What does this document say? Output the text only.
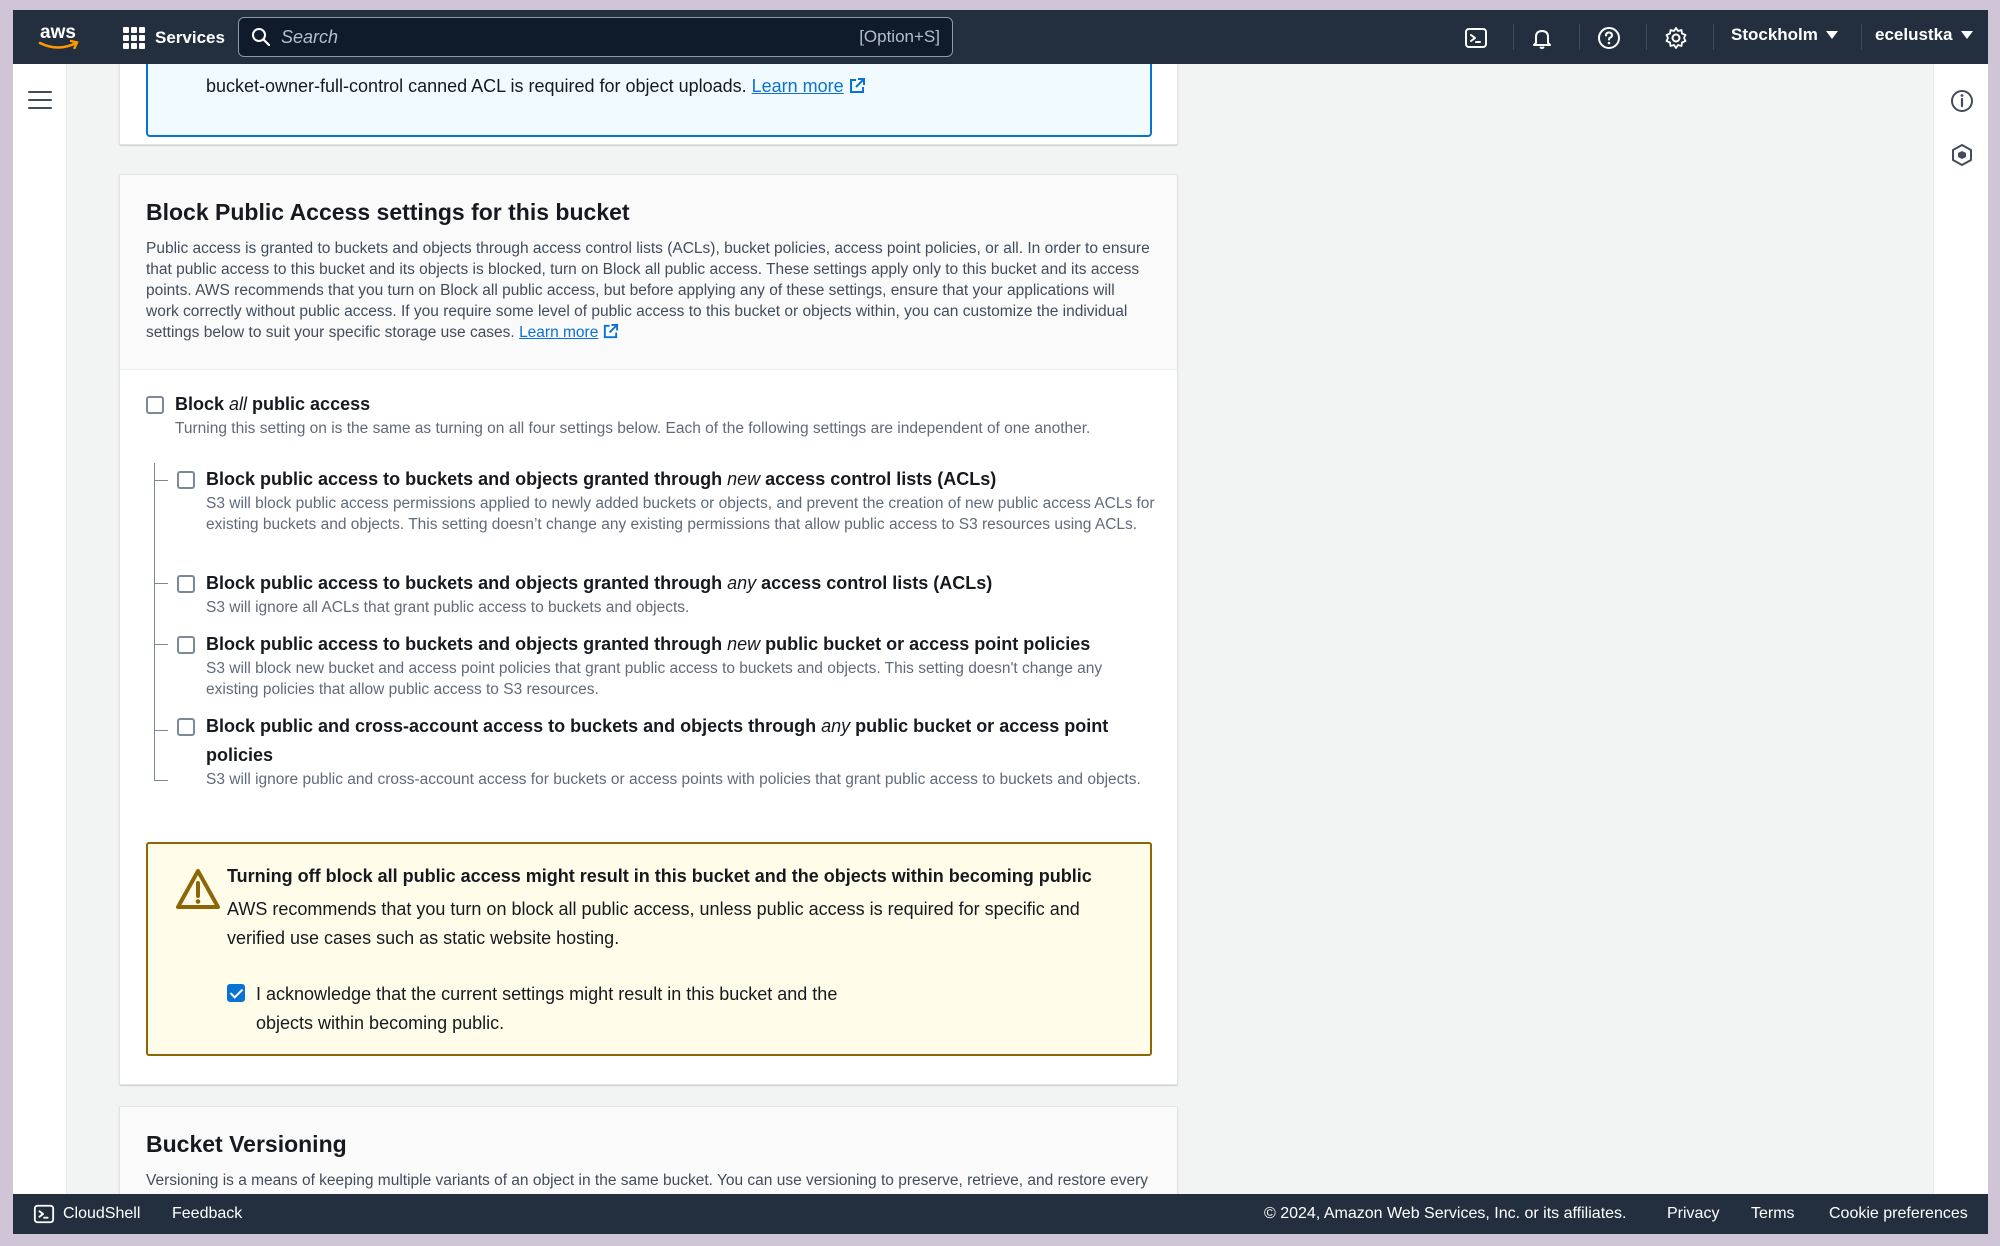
aws	Services
Search	[Option+S]	Stockholm	ecelustka
bucket-owner-full-control canned ACL is required for object uploads. Learn more
Block Public Access settings for this bucket
Public access is granted to buckets and objects through access control lists (ACLs), bucket policies, access point policies, or all. In order to ensure that public access to this bucket and its objects is blocked, turn on Block all public access. These settings apply only to this bucket and its access points. AWS recommends that you turn on Block all public access, but before applying any of these settings, ensure that your applications will work correctly without public access. If you require some level of public access to this bucket or objects within, you can customize the individual settings below to suit your specific storage use cases. Learn more
Block all public access
Turning this setting on is the same as turning on all four settings below. Each of the following settings are independent of one another.
Block public access to buckets and objects granted through new access control lists (ACLs)
S3 will block public access permissions applied to newly added buckets or objects, and prevent the creation of new public access ACLs for existing buckets and objects. This setting doesn’t change any existing permissions that allow public access to S3 resources using ACLs.
Block public access to buckets and objects granted through any access control lists (ACLs)
S3 will ignore all ACLs that grant public access to buckets and objects.
Block public access to buckets and objects granted through new public bucket or access point policies
S3 will block new bucket and access point policies that grant public access to buckets and objects. This setting doesn't change any existing policies that allow public access to S3 resources.
Block public and cross-account access to buckets and objects through any public bucket or access point policies
S3 will ignore public and cross-account access for buckets or access points with policies that grant public access to buckets and objects.
Turning off block all public access might result in this bucket and the objects within becoming public
AWS recommends that you turn on block all public access, unless public access is required for specific and verified use cases such as static website hosting.
I acknowledge that the current settings might result in this bucket and the objects within becoming public.
Bucket Versioning
Versioning is a means of keeping multiple variants of an object in the same bucket. You can use versioning to preserve, retrieve, and restore every
CloudShell Feedback	© 2024, Amazon Web Services, Inc. or its affiliates.	Privacy Terms Cookie preferences
